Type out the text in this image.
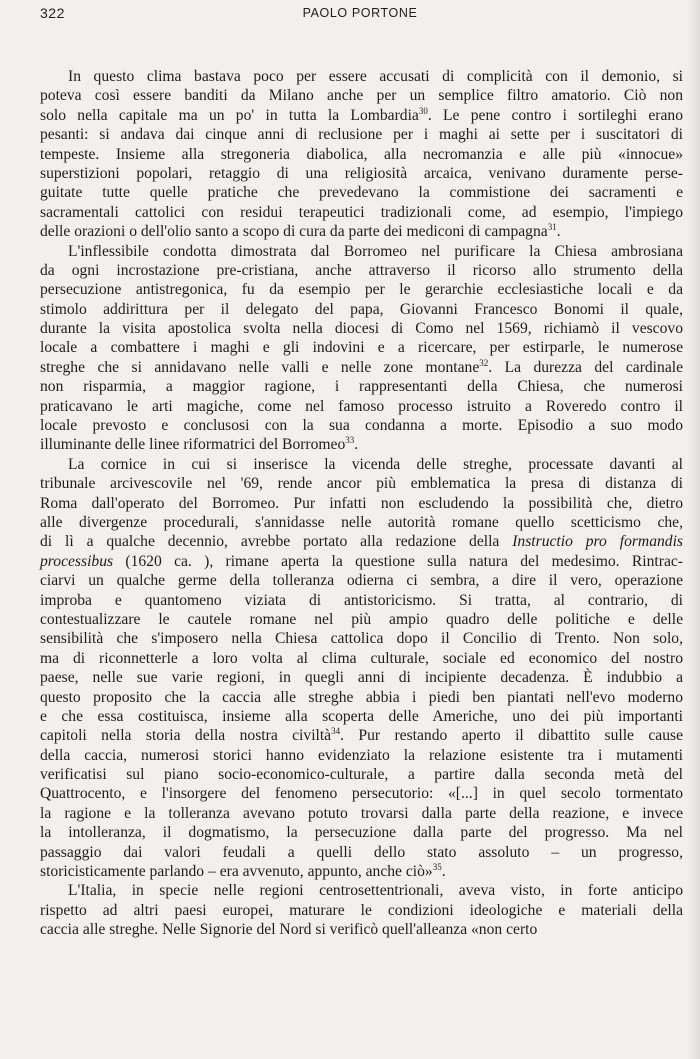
322	PAOLO PORTONE
In questo clima bastava poco per essere accusati di complicità con il demonio, si
poteva così essere banditi da Milano anche per un semplice filtro amatorio. Ciò non
solo nella capitale ma un po' in tutta la Lombardia$^{30}$. Le pene contro i sortileghi erano
pesanti: si andava dai cinque anni di reclusione per i maghi ai sette per i suscitatori di
tempeste. Insieme alla stregoneria diabolica, alla necromanzia e alle più «innocue»
superstizioni popolari, retaggio di una religiosità arcaica, venivano duramente perse-
guitate tutte quelle pratiche che prevedevano la commistione dei sacramenti e
sacramentali cattolici con residui terapeutici tradizionali come, ad esempio, l'impiego
delle orazioni o dell'olio santo a scopo di cura da parte dei mediconi di campagna$^{31}$.
L'inflessibile condotta dimostrata dal Borromeo nel purificare la Chiesa ambrosiana
da ogni incrostazione pre-cristiana, anche attraverso il ricorso allo strumento della
persecuzione antistregonica, fu da esempio per le gerarchie ecclesiastiche locali e da
stimolo addirittura per il delegato del papa, Giovanni Francesco Bonomi il quale,
durante la visita apostolica svolta nella diocesi di Como nel 1569, richiamò il vescovo
locale a combattere i maghi e gli indovini e a ricercare, per estirparle, le numerose
streghe che si annidavano nelle valli e nelle zone montane$^{32}$. La durezza del cardinale
non risparmia, a maggior ragione, i rappresentanti della Chiesa, che numerosi
praticavano le arti magiche, come nel famoso processo istruito a Roveredo contro il
locale prevosto e conclusosi con la sua condanna a morte. Episodio a suo modo
illuminante delle linee riformatrici del Borromeo$^{33}$.
La cornice in cui si inserisce la vicenda delle streghe, processate davanti al
tribunale arcivescovile nel '69, rende ancor più emblematica la presa di distanza di
Roma dall'operato del Borromeo. Pur infatti non escludendo la possibilità che, dietro
alle divergenze procedurali, s'annidasse nelle autorità romane quello scetticismo che,
di lì a qualche decennio, avrebbe portato alla redazione della Instructio pro formandis
processibus (1620 ca. ), rimane aperta la questione sulla natura del medesimo. Rintrac-
ciarvi un qualche germe della tolleranza odierna ci sembra, a dire il vero, operazione
improba e quantomeno viziata di antistoricismo. Si tratta, al contrario, di
contestualizzare le cautele romane nel più ampio quadro delle politiche e delle
sensibilità che s'imposero nella Chiesa cattolica dopo il Concilio di Trento. Non solo,
ma di riconnetterle a loro volta al clima culturale, sociale ed economico del nostro
paese, nelle sue varie regioni, in quegli anni di incipiente decadenza. È indubbio a
questo proposito che la caccia alle streghe abbia i piedi ben piantati nell'evo moderno
e che essa costituisca, insieme alla scoperta delle Americhe, uno dei più importanti
capitoli nella storia della nostra civiltà$^{34}$. Pur restando aperto il dibattito sulle cause
della caccia, numerosi storici hanno evidenziato la relazione esistente tra i mutamenti
verificatisi sul piano socio-economico-culturale, a partire dalla seconda metà del
Quattrocento, e l'insorgere del fenomeno persecutorio: «[...] in quel secolo tormentato
la ragione e la tolleranza avevano potuto trovarsi dalla parte della reazione, e invece
la intolleranza, il dogmatismo, la persecuzione dalla parte del progresso. Ma nel
passaggio dai valori feudali a quelli dello stato assoluto – un progresso,
storicisticamente parlando – era avvenuto, appunto, anche ciò»$^{35}$.
L'Italia, in specie nelle regioni centrosettentrionali, aveva visto, in forte anticipo
rispetto ad altri paesi europei, maturare le condizioni ideologiche e materiali della
caccia alle streghe. Nelle Signorie del Nord si verificò quell'alleanza «non certo
